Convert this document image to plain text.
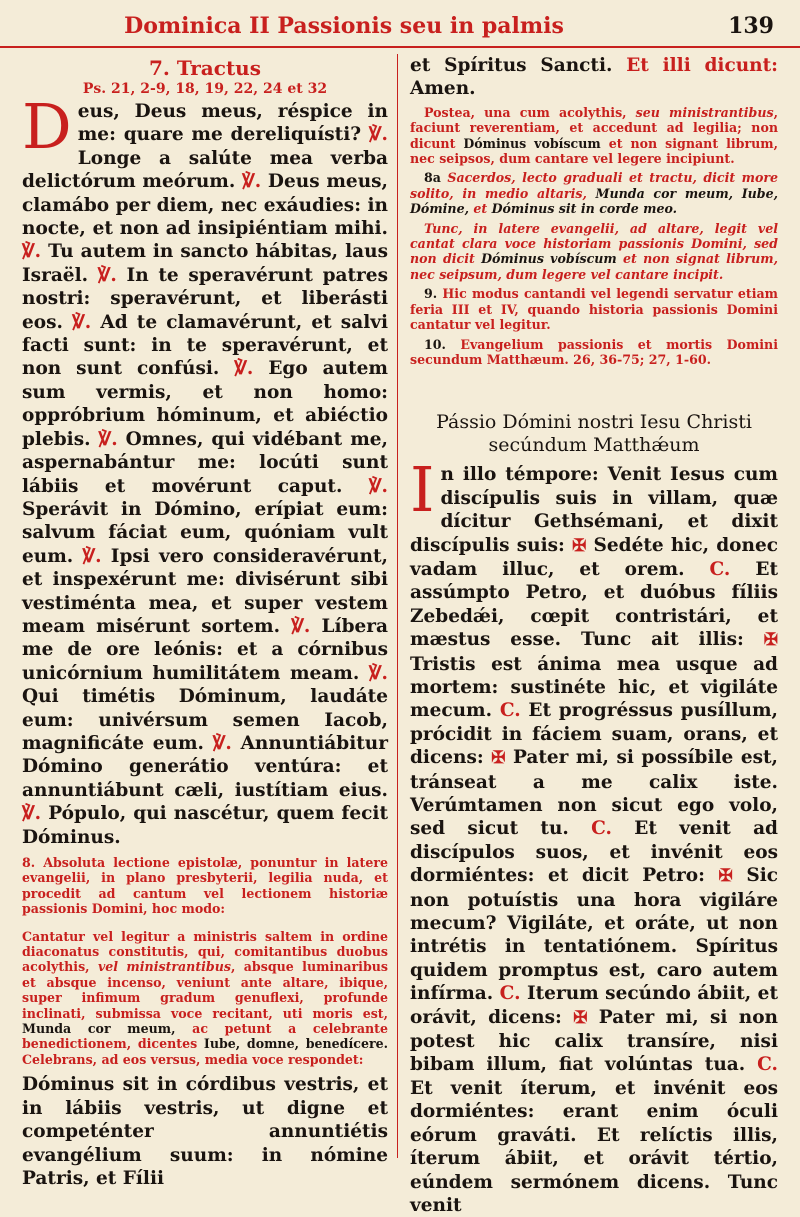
Dominica II Passionis seu in palmis	139
7. Tractus
Ps. 21, 2-9, 18, 19, 22, 24 et 32

Deus, Deus meus, réspice in me: quare me dereliquísti? ℣. Longe a salúte mea verba delictórum meórum. ℣. Deus meus, clamábo per diem, nec exáudies: in nocte, et non ad insipiéntiam mihi. ℣. Tu autem in sancto hábitas, laus Israël. ℣. In te speravérunt patres nostri: speravérunt, et liberásti eos. ℣. Ad te clamavérunt, et salvi facti sunt: in te speravérunt, et non sunt confúsi. ℣. Ego autem sum vermis, et non homo: oppróbrium hóminum, et abiéctio plebis. ℣. Omnes, qui vidébant me, aspernabántur me: locúti sunt lábiis et movérunt caput. ℣. Sperávit in Dómino, erípiat eum: salvum fáciat eum, quóniam vult eum. ℣. Ipsi vero consideravérunt, et inspexérunt me: divisérunt sibi vestiménta mea, et super vestem meam misérunt sortem. ℣. Líbera me de ore leónis: et a córnibus unicórnium humilitátem meam. ℣. Qui timétis Dóminum, laudáte eum: univérsum semen Iacob, magnificáte eum. ℣. Annuntiábitur Dómino generátio ventúra: et annuntiábunt cæli, iustítiam eius. ℣. Pópulo, qui nascétur, quem fecit Dóminus.

8. Absoluta lectione epistolæ, ponuntur in latere evangelii, in plano presbyterii, legilia nuda, et procedit ad cantum vel lectionem historiæ passionis Domini, hoc modo:

Cantatur vel legitur a ministris saltem in ordine diaconatus constitutis, qui, comitantibus duobus acolythis, vel ministrantibus, absque luminaribus et absque incenso, veniunt ante altare, ibique, super infimum gradum genuflexi, profunde inclinati, submissa voce recitant, uti moris est, Munda cor meum, ac petunt a celebrante benedictionem, dicentes Iube, domne, benedícere. Celebrans, ad eos versus, media voce respondet:

Dóminus sit in córdibus vestris, et in lábiis vestris, ut digne et competénter annuntiétis evangélium suum: in nómine Patris, et Fílii

et Spíritus Sancti. Et illi dicunt: Amen.

Postea, una cum acolythis, seu ministrantibus, faciunt reverentiam, et accedunt ad legilia; non dicunt Dóminus vobíscum et non signant librum, nec seipsos, dum cantare vel legere incipiunt.

8a Sacerdos, lecto graduali et tractu, dicit more solito, in medio altaris, Munda cor meum, Iube, Dómine, et Dóminus sit in corde meo.

Tunc, in latere evangelii, ad altare, legit vel cantat clara voce historiam passionis Domini, sed non dicit Dóminus vobíscum et non signat librum, nec seipsum, dum legere vel cantare incipit.

9. Hic modus cantandi vel legendi servatur etiam feria III et IV, quando historia passionis Domini cantatur vel legitur.

10. Evangelium passionis et mortis Domini secundum Matthæum. 26, 36-75; 27, 1-60.

Pássio Dómini nostri Iesu Christi secúndum Matthǽum

In illo témpore: Venit Iesus cum discípulis suis in villam, quæ dícitur Gethsémani, et dixit discípulis suis: ✠ Sedéte hic, donec vadam illuc, et orem. C. Et assúmpto Petro, et duóbus fíliis Zebedǽi, cœpit contristári, et mæstus esse. Tunc ait illis: ✠ Tristis est ánima mea usque ad mortem: sustinéte hic, et vigiláte mecum. C. Et progréssus pusíllum, prócidit in fáciem suam, orans, et dicens: ✠ Pater mi, si possíbile est, tránseat a me calix iste. Verúmtamen non sicut ego volo, sed sicut tu. C. Et venit ad discípulos suos, et invénit eos dormiéntes: et dicit Petro: ✠ Sic non potuístis una hora vigiláre mecum? Vigiláte, et oráte, ut non intrétis in tentatiónem. Spíritus quidem promptus est, caro autem infírma. C. Iterum secúndo ábiit, et orávit, dicens: ✠ Pater mi, si non potest hic calix transíre, nisi bibam illum, fiat volúntas tua. C. Et venit íterum, et invénit eos dormiéntes: erant enim óculi eórum graváti. Et relíctis illis, íterum ábiit, et orávit tértio, eúndem sermónem dicens. Tunc venit
